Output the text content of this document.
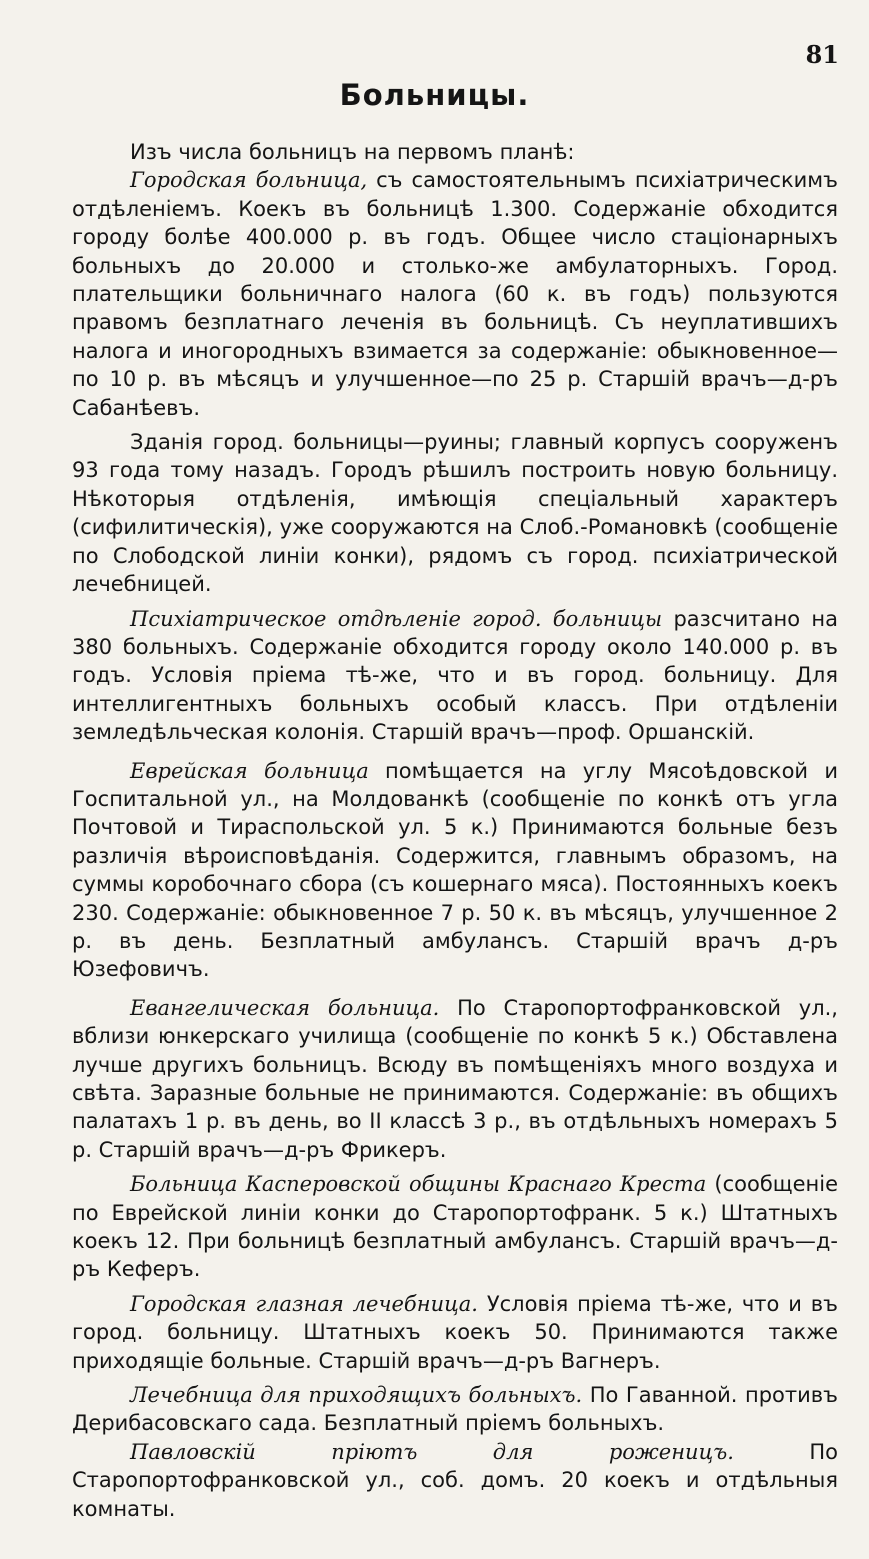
81
Больницы.

Изъ числа больницъ на первомъ планѣ:

Городская больница, съ самостоятельнымъ психіатрическимъ отдѣленіемъ. Коекъ въ больницѣ 1.300. Содержаніе обходится городу болѣе 400.000 р. въ годъ. Общее число стаціонарныхъ больныхъ до 20.000 и столько-же амбулаторныхъ. Город. плательщики больничнаго налога (60 к. въ годъ) пользуются правомъ безплатнаго леченія въ больницѣ. Съ неуплатившихъ налога и иногородныхъ взимается за содержаніе: обыкновенное—по 10 р. въ мѣсяцъ и улучшенное—по 25 р. Старшій врачъ—д-ръ Сабанѣевъ.

Зданія город. больницы—руины; главный корпусъ сооруженъ 93 года тому назадъ. Городъ рѣшилъ построить новую больницу. Нѣкоторыя отдѣленія, имѣющія спеціальный характеръ (сифилитическія), уже сооружаются на Слоб.-Романовкѣ (сообщеніе по Слободской линіи конки), рядомъ съ город. психіатрической лечебницей.

Психіатрическое отдѣленіе город. больницы разсчитано на 380 больныхъ. Содержаніе обходится городу около 140.000 р. въ годъ. Условія пріема тѣ-же, что и въ город. больницу. Для интеллигентныхъ больныхъ особый классъ. При отдѣленіи земледѣльческая колонія. Старшій врачъ—проф. Оршанскій.

Еврейская больница помѣщается на углу Мясоѣдовской и Госпитальной ул., на Молдованкѣ (сообщеніе по конкѣ отъ угла Почтовой и Тираспольской ул. 5 к.) Принимаются больные безъ различія вѣроисповѣданія. Содержится, главнымъ образомъ, на суммы коробочнаго сбора (съ кошернаго мяса). Постоянныхъ коекъ 230. Содержаніе: обыкновенное 7 р. 50 к. въ мѣсяцъ, улучшенное 2 р. въ день. Безплатный амбулансъ. Старшій врачъ д-ръ Юзефовичъ.

Евангелическая больница. По Старопортофранковской ул., вблизи юнкерскаго училища (сообщеніе по конкѣ 5 к.) Обставлена лучше другихъ больницъ. Всюду въ помѣщеніяхъ много воздуха и свѣта. Заразные больные не принимаются. Содержаніе: въ общихъ палатахъ 1 р. въ день, во II классѣ 3 р., въ отдѣльныхъ номерахъ 5 р. Старшій врачъ—д-ръ Фрикеръ.

Больница Касперовской общины Краснаго Креста (сообщеніе по Еврейской линіи конки до Старопортофранк. 5 к.) Штатныхъ коекъ 12. При больницѣ безплатный амбулансъ. Старшій врачъ—д-ръ Кеферъ.

Городская глазная лечебница. Условія пріема тѣ-же, что и въ город. больницу. Штатныхъ коекъ 50. Принимаются также приходящіе больные. Старшій врачъ—д-ръ Вагнеръ.

Лечебница для приходящихъ больныхъ. По Гаванной. противъ Дерибасовскаго сада. Безплатный пріемъ больныхъ.

Павловскій пріютъ для роженицъ. По Старопортофранковской ул., соб. домъ. 20 коекъ и отдѣльныя комнаты.
